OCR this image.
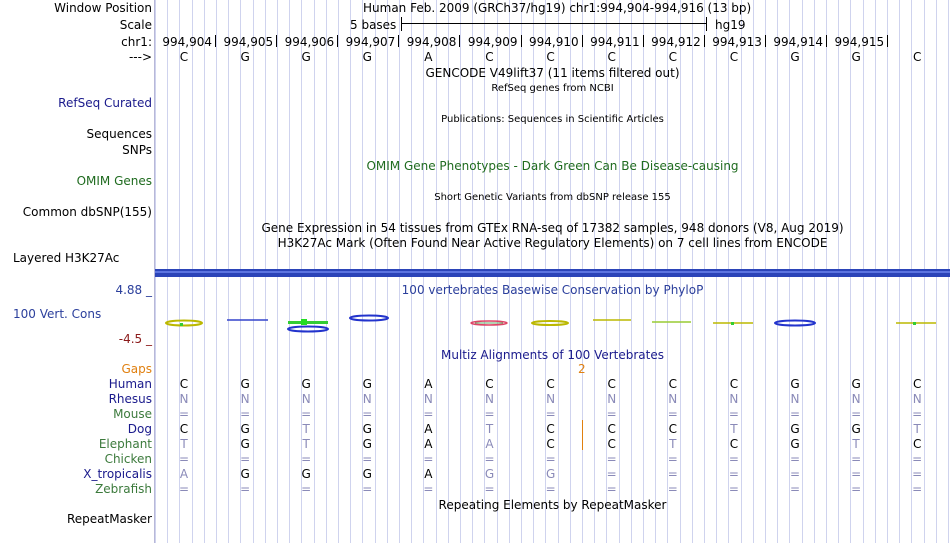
Window Position
Scale
chr1:
--->
Human Feb. 2009 (GRCh37/hg19) chr1:994,904-994,916 (13 bp)
5 bases	hg19
994,904 994,905 994,906 994,907 994,908 994,909 994,910 994,911 994,912 994,913 994,914 994,915
C	G	G	G	A	C	C	C	C	C	G	G	C
GENCODE V49lift37 (11 items filtered out)
RefSeq genes from NCBI
RefSeq Curated
Publications: Sequences in Scientific Articles
Sequences
SNPs
OMIM Gene Phenotypes - Dark Green Can Be Disease-causing
OMIM Genes
Short Genetic Variants from dbSNP release 155
Common dbSNP(155)
Gene Expression in 54 tissues from GTEx RNA-seq of 17382 samples, 948 donors (V8, Aug 2019)
H3K27Ac Mark (Often Found Near Active Regulatory Elements) on 7 cell lines from ENCODE
Layered H3K27Ac
100 vertebrates Basewise Conservation by PhyloP
4.88 _
100 Vert. Cons
-4.5 _
Multiz Alignments of 100 Vertebrates
Gaps	2
Human	C	G	G	G	A	C	C	C	C	C	G	G	C
Rhesus	N	N	N	N	N	N	N	N	N	N	N	N	N
Mouse	=	=	=	=	=	=	=	=	=	=	=	=	=
Dog	C	G	T	G	A	T	C	C	C	T	G	G	T
Elephant	T	G	T	G	A	A	C	C	T	C	G	T	C
Chicken	=	=	=	=	=	=	=	=	=	=	=	=	=
X_tropicalis	A	G	G	G	A	G	G	=	=	=	=	=	=
Zebrafish	=	=	=	=	=	=	=	=	=	=	=	=	=
Repeating Elements by RepeatMasker
RepeatMasker
